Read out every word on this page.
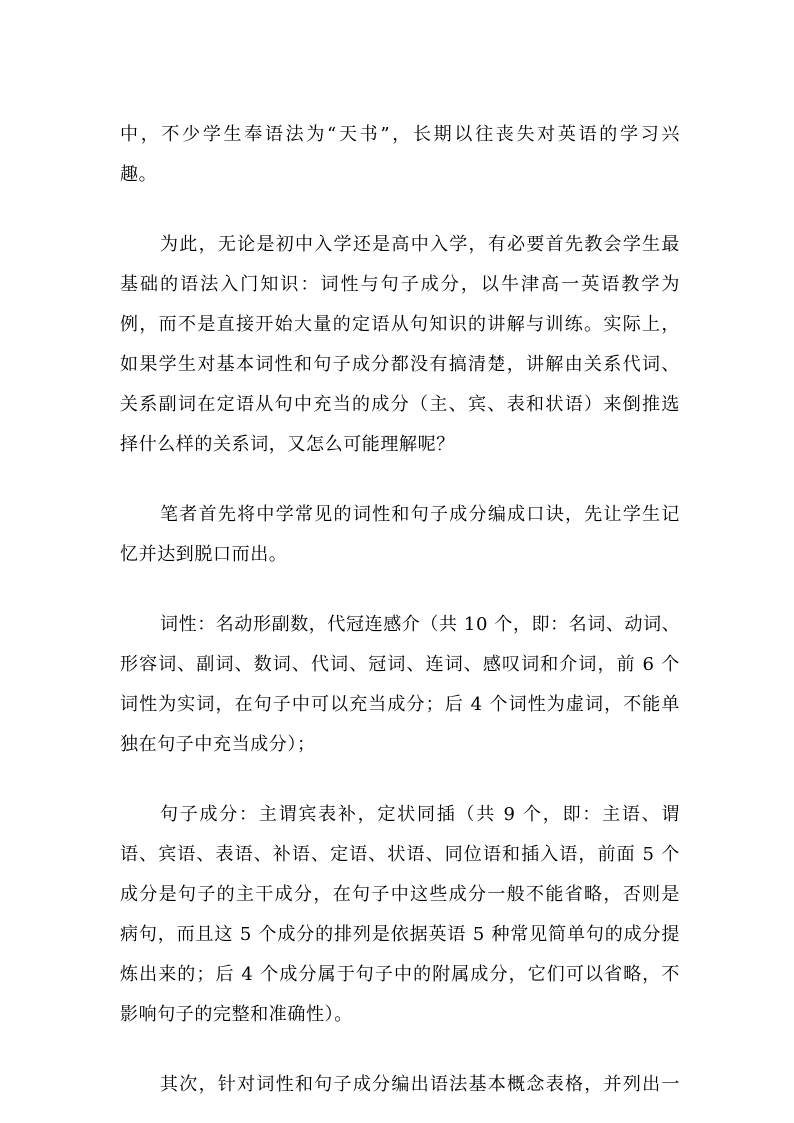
中，不少学生奉语法为“天书”，长期以往丧失对英语的学习兴
趣。
为此，无论是初中入学还是高中入学，有必要首先教会学生最
基础的语法入门知识：词性与句子成分，以牛津高一英语教学为
例，而不是直接开始大量的定语从句知识的讲解与训练。实际上，
如果学生对基本词性和句子成分都没有搞清楚，讲解由关系代词、
关系副词在定语从句中充当的成分（主、宾、表和状语）来倒推选
择什么样的关系词，又怎么可能理解呢？
笔者首先将中学常见的词性和句子成分编成口诀，先让学生记
忆并达到脱口而出。
词性：名动形副数，代冠连感介（共 10 个，即：名词、动词、
形容词、副词、数词、代词、冠词、连词、感叹词和介词，前 6 个
词性为实词，在句子中可以充当成分；后 4 个词性为虚词，不能单
独在句子中充当成分）；
句子成分：主谓宾表补，定状同插（共 9 个，即：主语、谓
语、宾语、表语、补语、定语、状语、同位语和插入语，前面 5 个
成分是句子的主干成分，在句子中这些成分一般不能省略，否则是
病句，而且这 5 个成分的排列是依据英语 5 种常见简单句的成分提
炼出来的；后 4 个成分属于句子中的附属成分，它们可以省略，不
影响句子的完整和准确性）。
其次，针对词性和句子成分编出语法基本概念表格，并列出一
